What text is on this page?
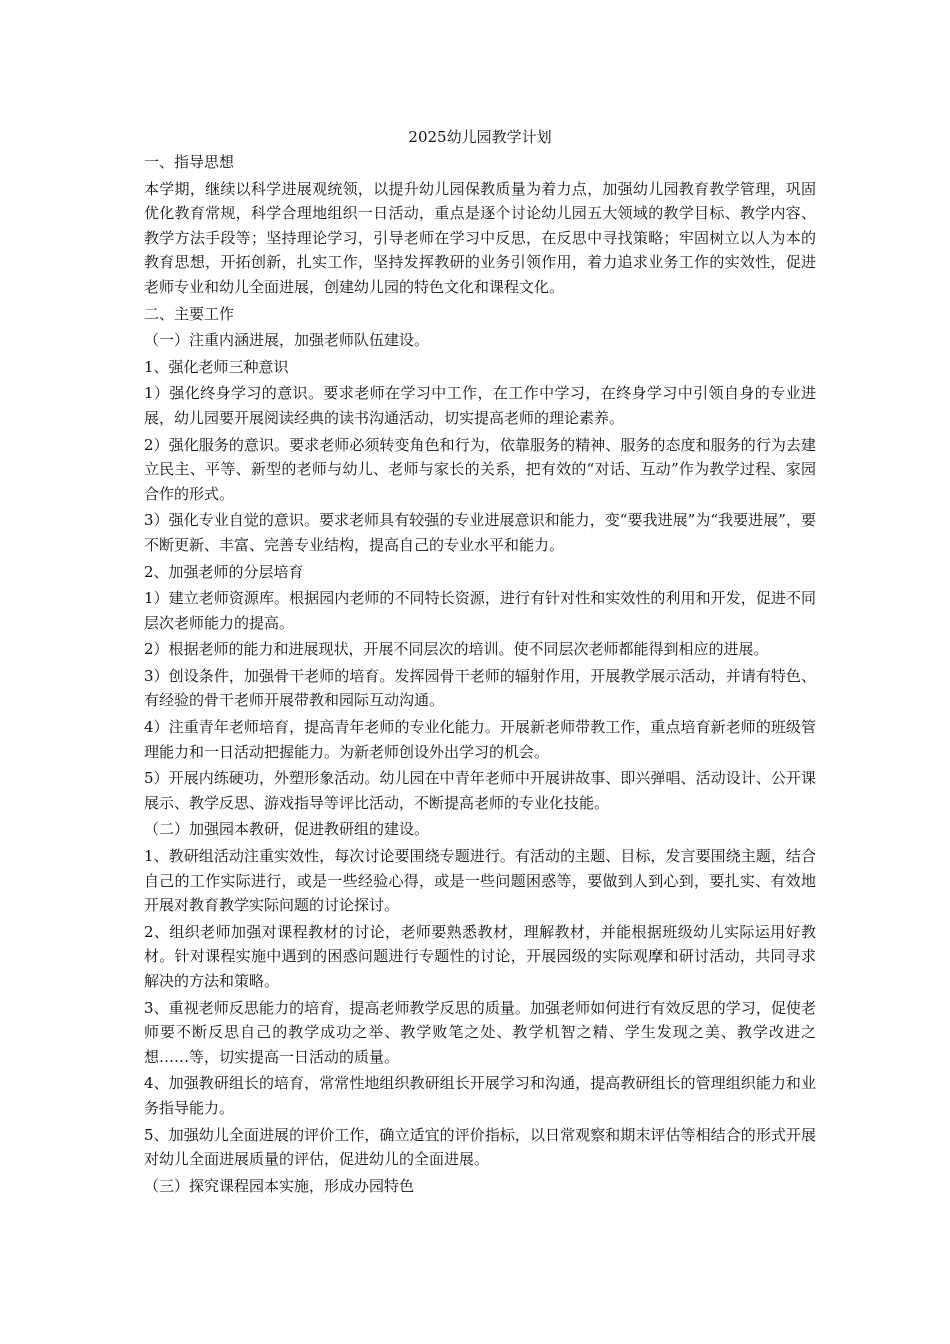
2025幼儿园教学计划

一、指导思想

本学期，继续以科学进展观统领，以提升幼儿园保教质量为着力点，加强幼儿园教育教学管理，巩固优化教育常规，科学合理地组织一日活动，重点是逐个讨论幼儿园五大领域的教学目标、教学内容、教学方法手段等；坚持理论学习，引导老师在学习中反思，在反思中寻找策略；牢固树立以人为本的教育思想，开拓创新，扎实工作，坚持发挥教研的业务引领作用，着力追求业务工作的实效性，促进老师专业和幼儿全面进展，创建幼儿园的特色文化和课程文化。

二、主要工作

（一）注重内涵进展，加强老师队伍建设。

1、强化老师三种意识

1）强化终身学习的意识。要求老师在学习中工作，在工作中学习，在终身学习中引领自身的专业进展，幼儿园要开展阅读经典的读书沟通活动，切实提高老师的理论素养。

2）强化服务的意识。要求老师必须转变角色和行为，依靠服务的精神、服务的态度和服务的行为去建立民主、平等、新型的老师与幼儿、老师与家长的关系，把有效的“对话、互动”作为教学过程、家园合作的形式。

3）强化专业自觉的意识。要求老师具有较强的专业进展意识和能力，变“要我进展”为“我要进展”，要不断更新、丰富、完善专业结构，提高自己的专业水平和能力。

2、加强老师的分层培育

1）建立老师资源库。根据园内老师的不同特长资源，进行有针对性和实效性的利用和开发，促进不同层次老师能力的提高。

2）根据老师的能力和进展现状，开展不同层次的培训。使不同层次老师都能得到相应的进展。

3）创设条件，加强骨干老师的培育。发挥园骨干老师的辐射作用，开展教学展示活动，并请有特色、有经验的骨干老师开展带教和园际互动沟通。

4）注重青年老师培育，提高青年老师的专业化能力。开展新老师带教工作，重点培育新老师的班级管理能力和一日活动把握能力。为新老师创设外出学习的机会。

5）开展内练硬功，外塑形象活动。幼儿园在中青年老师中开展讲故事、即兴弹唱、活动设计、公开课展示、教学反思、游戏指导等评比活动，不断提高老师的专业化技能。

（二）加强园本教研，促进教研组的建设。

1、教研组活动注重实效性，每次讨论要围绕专题进行。有活动的主题、目标，发言要围绕主题，结合自己的工作实际进行，或是一些经验心得，或是一些问题困惑等，要做到人到心到，要扎实、有效地开展对教育教学实际问题的讨论探讨。

2、组织老师加强对课程教材的讨论，老师要熟悉教材，理解教材，并能根据班级幼儿实际运用好教材。针对课程实施中遇到的困惑问题进行专题性的讨论，开展园级的实际观摩和研讨活动，共同寻求解决的方法和策略。

3、重视老师反思能力的培育，提高老师教学反思的质量。加强老师如何进行有效反思的学习，促使老师要不断反思自己的教学成功之举、教学败笔之处、教学机智之精、学生发现之美、教学改进之想……等，切实提高一日活动的质量。

4、加强教研组长的培育，常常性地组织教研组长开展学习和沟通，提高教研组长的管理组织能力和业务指导能力。

5、加强幼儿全面进展的评价工作，确立适宜的评价指标，以日常观察和期末评估等相结合的形式开展对幼儿全面进展质量的评估，促进幼儿的全面进展。

（三）探究课程园本实施，形成办园特色
